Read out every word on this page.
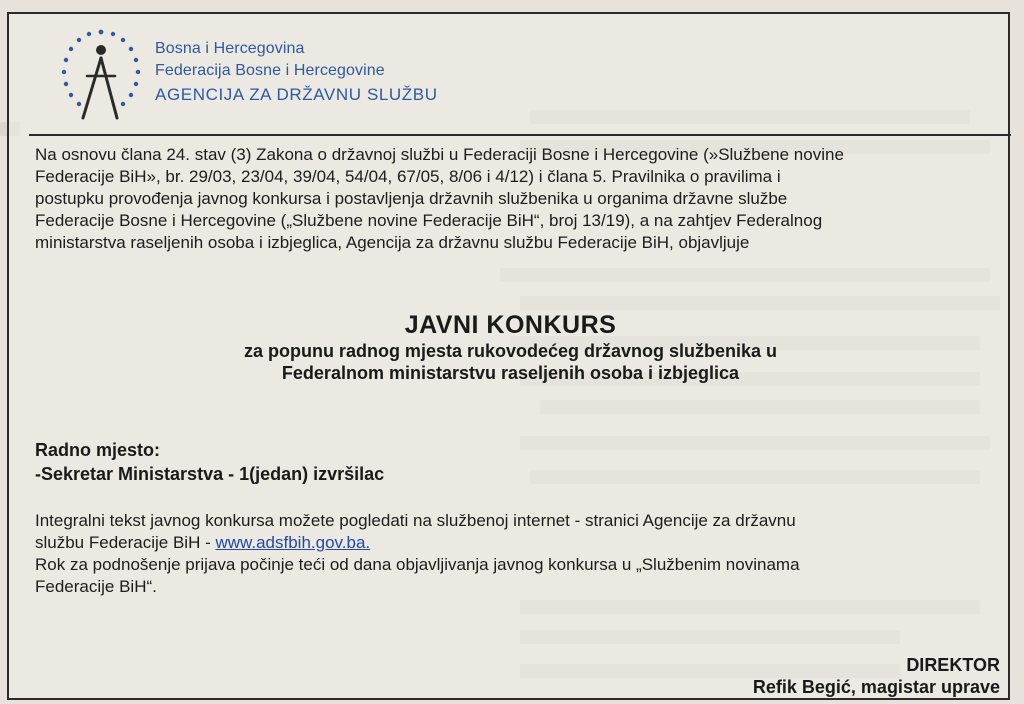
Bosna i Hercegovina
Federacija Bosne i Hercegovine
AGENCIJA ZA DRŽAVNU SLUŽBU
Na osnovu člana 24. stav (3) Zakona o državnoj službi u Federaciji Bosne i Hercegovine (»Službene novine
Federacije BiH», br. 29/03, 23/04, 39/04, 54/04, 67/05, 8/06 i 4/12) i člana 5. Pravilnika o pravilima i
postupku provođenja javnog konkursa i postavljenja državnih službenika u organima državne službe
Federacije Bosne i Hercegovine („Službene novine Federacije BiH“, broj 13/19), a na zahtjev Federalnog
ministarstva raseljenih osoba i izbjeglica, Agencija za državnu službu Federacije BiH, objavljuje
JAVNI KONKURS
za popunu radnog mjesta rukovodećeg državnog službenika u
Federalnom ministarstvu raseljenih osoba i izbjeglica
Radno mjesto:
-Sekretar Ministarstva - 1(jedan) izvršilac
Integralni tekst javnog konkursa možete pogledati na službenoj internet - stranici Agencije za državnu
službu Federacije BiH - www.adsfbih.gov.ba.
Rok za podnošenje prijava počinje teći od dana objavljivanja javnog konkursa u „Službenim novinama
Federacije BiH“.
DIREKTOR
Refik Begić, magistar uprave
